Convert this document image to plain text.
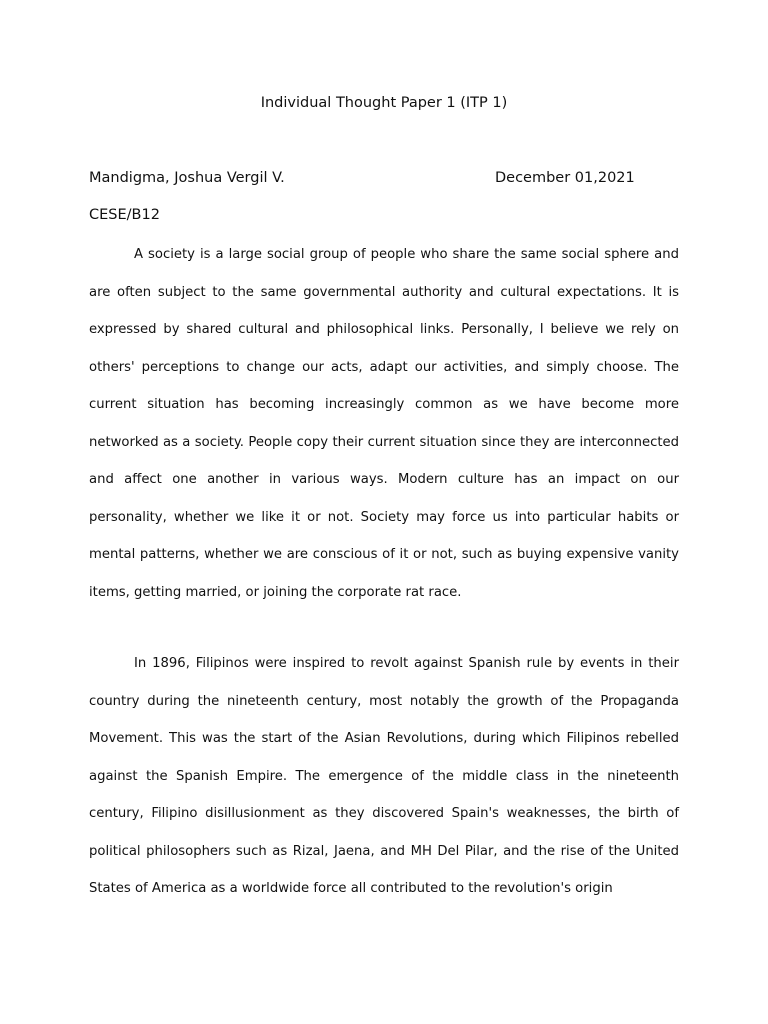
Individual Thought Paper 1 (ITP 1)
Mandigma, Joshua Vergil V.	December 01,2021
CESE/B12

A society is a large social group of people who share the same social sphere and are often subject to the same governmental authority and cultural expectations. It is expressed by shared cultural and philosophical links. Personally, I believe we rely on others' perceptions to change our acts, adapt our activities, and simply choose. The current situation has becoming increasingly common as we have become more networked as a society. People copy their current situation since they are interconnected and affect one another in various ways. Modern culture has an impact on our personality, whether we like it or not. Society may force us into particular habits or mental patterns, whether we are conscious of it or not, such as buying expensive vanity items, getting married, or joining the corporate rat race.

In 1896, Filipinos were inspired to revolt against Spanish rule by events in their country during the nineteenth century, most notably the growth of the Propaganda Movement. This was the start of the Asian Revolutions, during which Filipinos rebelled against the Spanish Empire. The emergence of the middle class in the nineteenth century, Filipino disillusionment as they discovered Spain's weaknesses, the birth of political philosophers such as Rizal, Jaena, and MH Del Pilar, and the rise of the United States of America as a worldwide force all contributed to the revolution's origin
